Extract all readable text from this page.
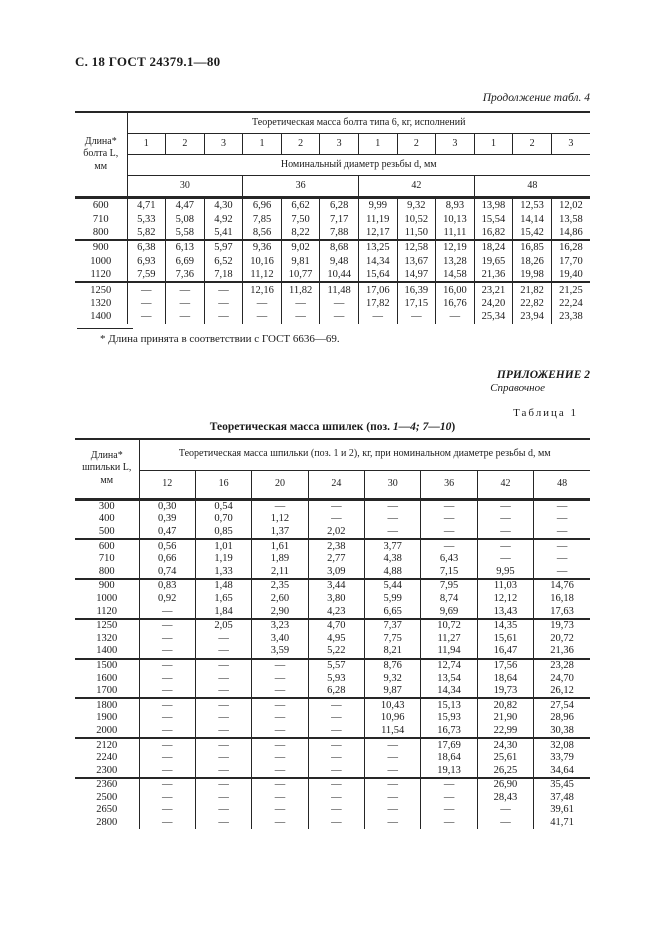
С. 18 ГОСТ 24379.1—80
Продолжение табл. 4
Длина* болта L, мм	Теоретическая масса болта типа 6, кг, исполнений											
	1	2	3	1	2	3	1	2	3	1	2	3
	Номинальный диаметр резьбы d, мм											
	30			36			42			48		
600	4,71	4,47	4,30	6,96	6,62	6,28	9,99	9,32	8,93	13,98	12,53	12,02
710	5,33	5,08	4,92	7,85	7,50	7,17	11,19	10,52	10,13	15,54	14,14	13,58
800	5,82	5,58	5,41	8,56	8,22	7,88	12,17	11,50	11,11	16,82	15,42	14,86
900	6,38	6,13	5,97	9,36	9,02	8,68	13,25	12,58	12,19	18,24	16,85	16,28
1000	6,93	6,69	6,52	10,16	9,81	9,48	14,34	13,67	13,28	19,65	18,26	17,70
1120	7,59	7,36	7,18	11,12	10,77	10,44	15,64	14,97	14,58	21,36	19,98	19,40
1250	—	—	—	12,16	11,82	11,48	17,06	16,39	16,00	23,21	21,82	21,25
1320	—	—	—	—	—	—	17,82	17,15	16,76	24,20	22,82	22,24
1400	—	—	—	—	—	—	—	—	—	25,34	23,94	23,38
* Длина принята в соответствии с ГОСТ 6636—69.
ПРИЛОЖЕНИЕ 2
Справочное
Таблица 1
Теоретическая масса шпилек (поз. 1—4; 7—10)
Длина* шпильки L, мм	Теоретическая масса шпильки (поз. 1 и 2), кг, при номинальном диаметре резьбы d, мм							
	12	16	20	24	30	36	42	48
300	0,30	0,54	—	—	—	—	—	—
400	0,39	0,70	1,12	—	—	—	—	—
500	0,47	0,85	1,37	2,02	—	—	—	—
600	0,56	1,01	1,61	2,38	3,77	—	—	—
710	0,66	1,19	1,89	2,77	4,38	6,43	—	—
800	0,74	1,33	2,11	3,09	4,88	7,15	9,95	—
900	0,83	1,48	2,35	3,44	5,44	7,95	11,03	14,76
1000	0,92	1,65	2,60	3,80	5,99	8,74	12,12	16,18
1120	—	1,84	2,90	4,23	6,65	9,69	13,43	17,63
1250	—	2,05	3,23	4,70	7,37	10,72	14,35	19,73
1320	—	—	3,40	4,95	7,75	11,27	15,61	20,72
1400	—	—	3,59	5,22	8,21	11,94	16,47	21,36
1500	—	—	—	5,57	8,76	12,74	17,56	23,28
1600	—	—	—	5,93	9,32	13,54	18,64	24,70
1700	—	—	—	6,28	9,87	14,34	19,73	26,12
1800	—	—	—	—	10,43	15,13	20,82	27,54
1900	—	—	—	—	10,96	15,93	21,90	28,96
2000	—	—	—	—	11,54	16,73	22,99	30,38
2120	—	—	—	—	—	17,69	24,30	32,08
2240	—	—	—	—	—	18,64	25,61	33,79
2300	—	—	—	—	—	19,13	26,25	34,64
2360	—	—	—	—	—	—	26,90	35,45
2500	—	—	—	—	—	—	28,43	37,48
2650	—	—	—	—	—	—	—	39,61
2800	—	—	—	—	—	—	—	41,71
